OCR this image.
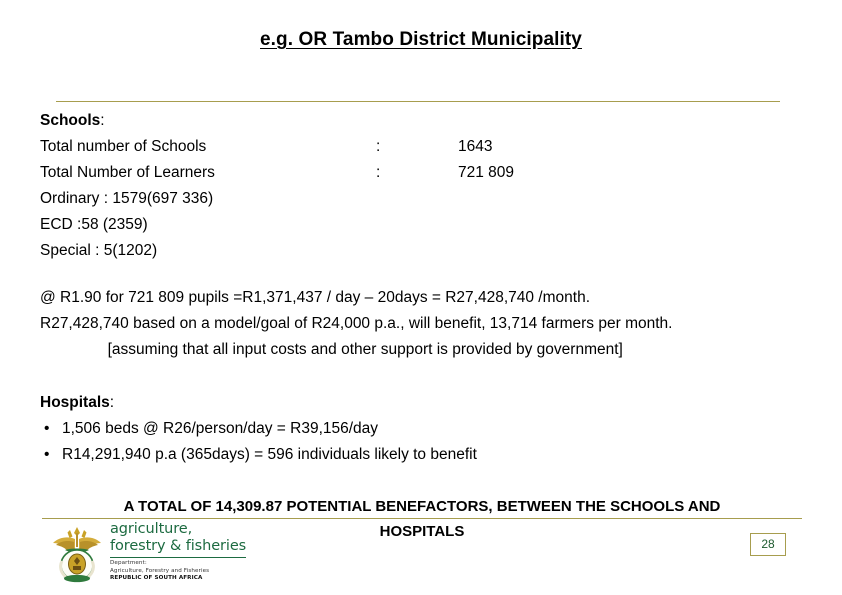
e.g. OR Tambo District Municipality
Schools:
Total number of Schools	:	1643
Total Number of Learners	:	721 809
Ordinary : 1579(697 336)
ECD :58 (2359)
Special : 5(1202)
@ R1.90 for 721 809 pupils =R1,371,437 / day – 20days = R27,428,740 /month.
R27,428,740 based on a model/goal of R24,000 p.a., will benefit, 13,714 farmers per month.
[assuming that all input costs and other support is provided by government]
Hospitals:
• 1,506 beds @ R26/person/day = R39,156/day
• R14,291,940 p.a (365days) = 596 individuals likely to benefit
A TOTAL OF 14,309.87 POTENTIAL BENEFACTORS, BETWEEN THE SCHOOLS AND
HOSPITALS
agriculture,
forestry & fisheries
Department:
Agriculture, Forestry and Fisheries
REPUBLIC OF SOUTH AFRICA
28
